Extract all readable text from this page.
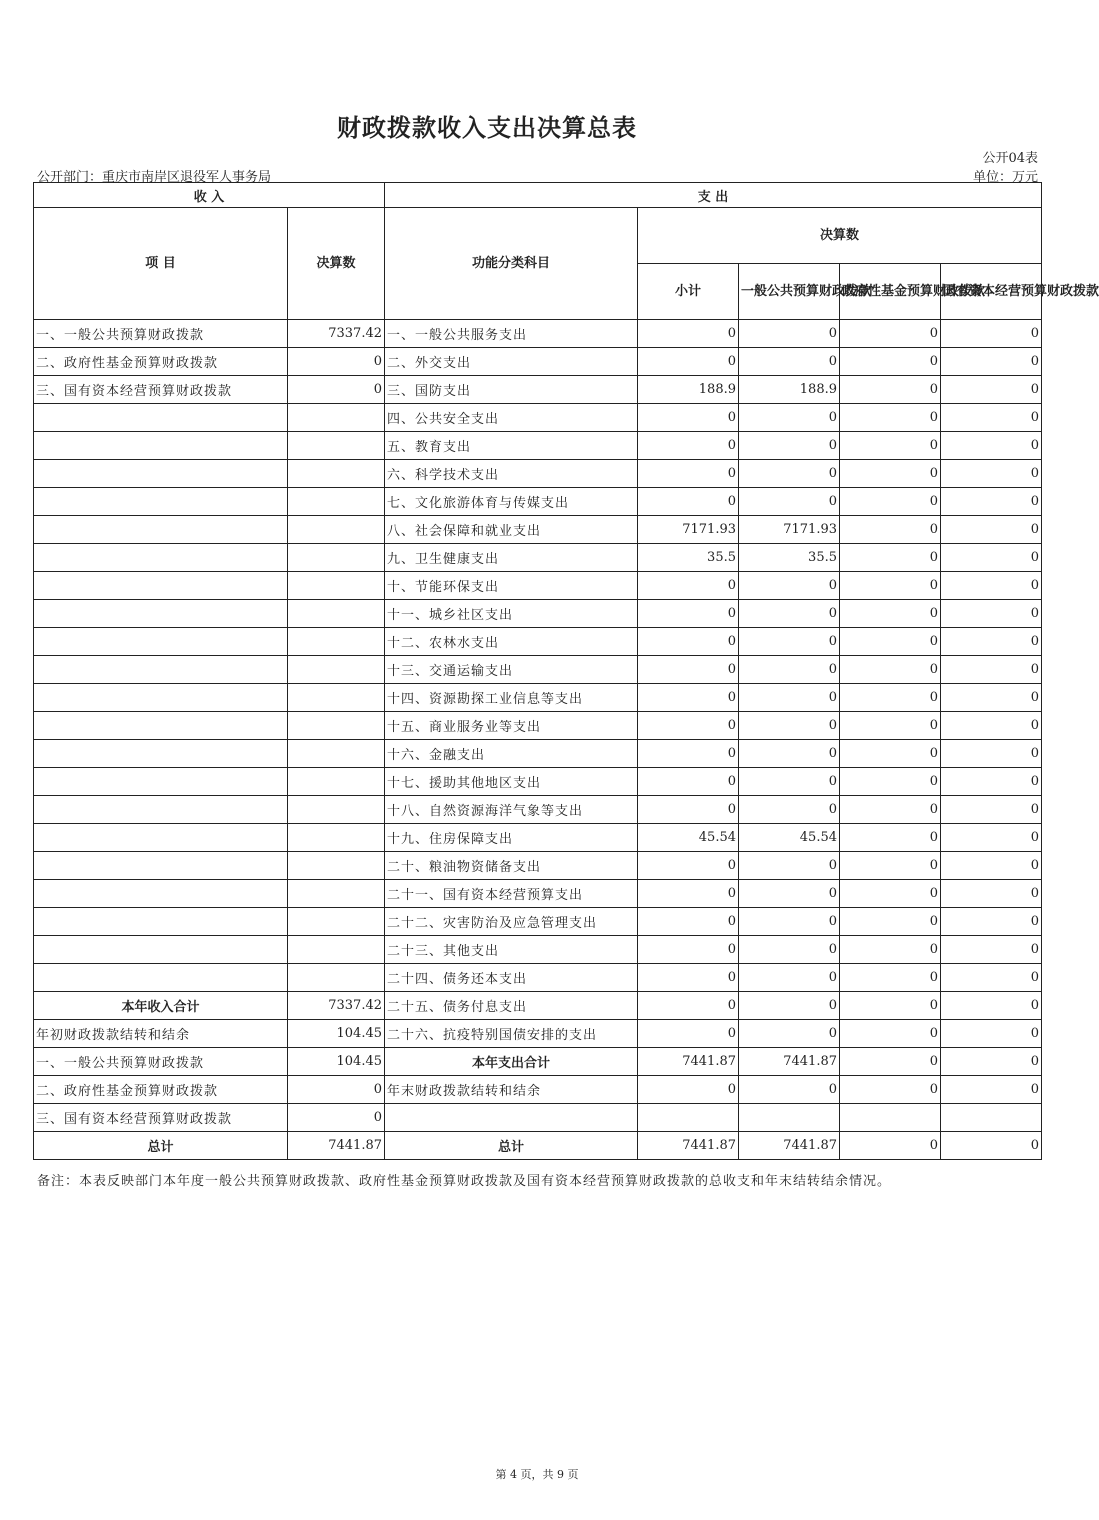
财政拨款收入支出决算总表
公开04表
公开部门：重庆市南岸区退役军人事务局	单位：万元
收 入		支 出				
项 目	决算数	功能分类科目	决算数			
			小计	一般公共预算财政拨款	政府性基金预算财政拨款	国有资本经营预算财政拨款
一、一般公共预算财政拨款	7337.42	一、一般公共服务支出	0	0	0	0
二、政府性基金预算财政拨款	0	二、外交支出	0	0	0	0
三、国有资本经营预算财政拨款	0	三、国防支出	188.9	188.9	0	0
		四、公共安全支出	0	0	0	0
		五、教育支出	0	0	0	0
		六、科学技术支出	0	0	0	0
		七、文化旅游体育与传媒支出	0	0	0	0
		八、社会保障和就业支出	7171.93	7171.93	0	0
		九、卫生健康支出	35.5	35.5	0	0
		十、节能环保支出	0	0	0	0
		十一、城乡社区支出	0	0	0	0
		十二、农林水支出	0	0	0	0
		十三、交通运输支出	0	0	0	0
		十四、资源勘探工业信息等支出	0	0	0	0
		十五、商业服务业等支出	0	0	0	0
		十六、金融支出	0	0	0	0
		十七、援助其他地区支出	0	0	0	0
		十八、自然资源海洋气象等支出	0	0	0	0
		十九、住房保障支出	45.54	45.54	0	0
		二十、粮油物资储备支出	0	0	0	0
		二十一、国有资本经营预算支出	0	0	0	0
		二十二、灾害防治及应急管理支出	0	0	0	0
		二十三、其他支出	0	0	0	0
		二十四、债务还本支出	0	0	0	0
本年收入合计	7337.42	二十五、债务付息支出	0	0	0	0
年初财政拨款结转和结余	104.45	二十六、抗疫特别国债安排的支出	0	0	0	0
一、一般公共预算财政拨款	104.45	本年支出合计	7441.87	7441.87	0	0
二、政府性基金预算财政拨款	0	年末财政拨款结转和结余	0	0	0	0
三、国有资本经营预算财政拨款	0					
总计	7441.87	总计	7441.87	7441.87	0	0
备注：本表反映部门本年度一般公共预算财政拨款、政府性基金预算财政拨款及国有资本经营预算财政拨款的总收支和年末结转结余情况。
第 4 页，共 9 页
